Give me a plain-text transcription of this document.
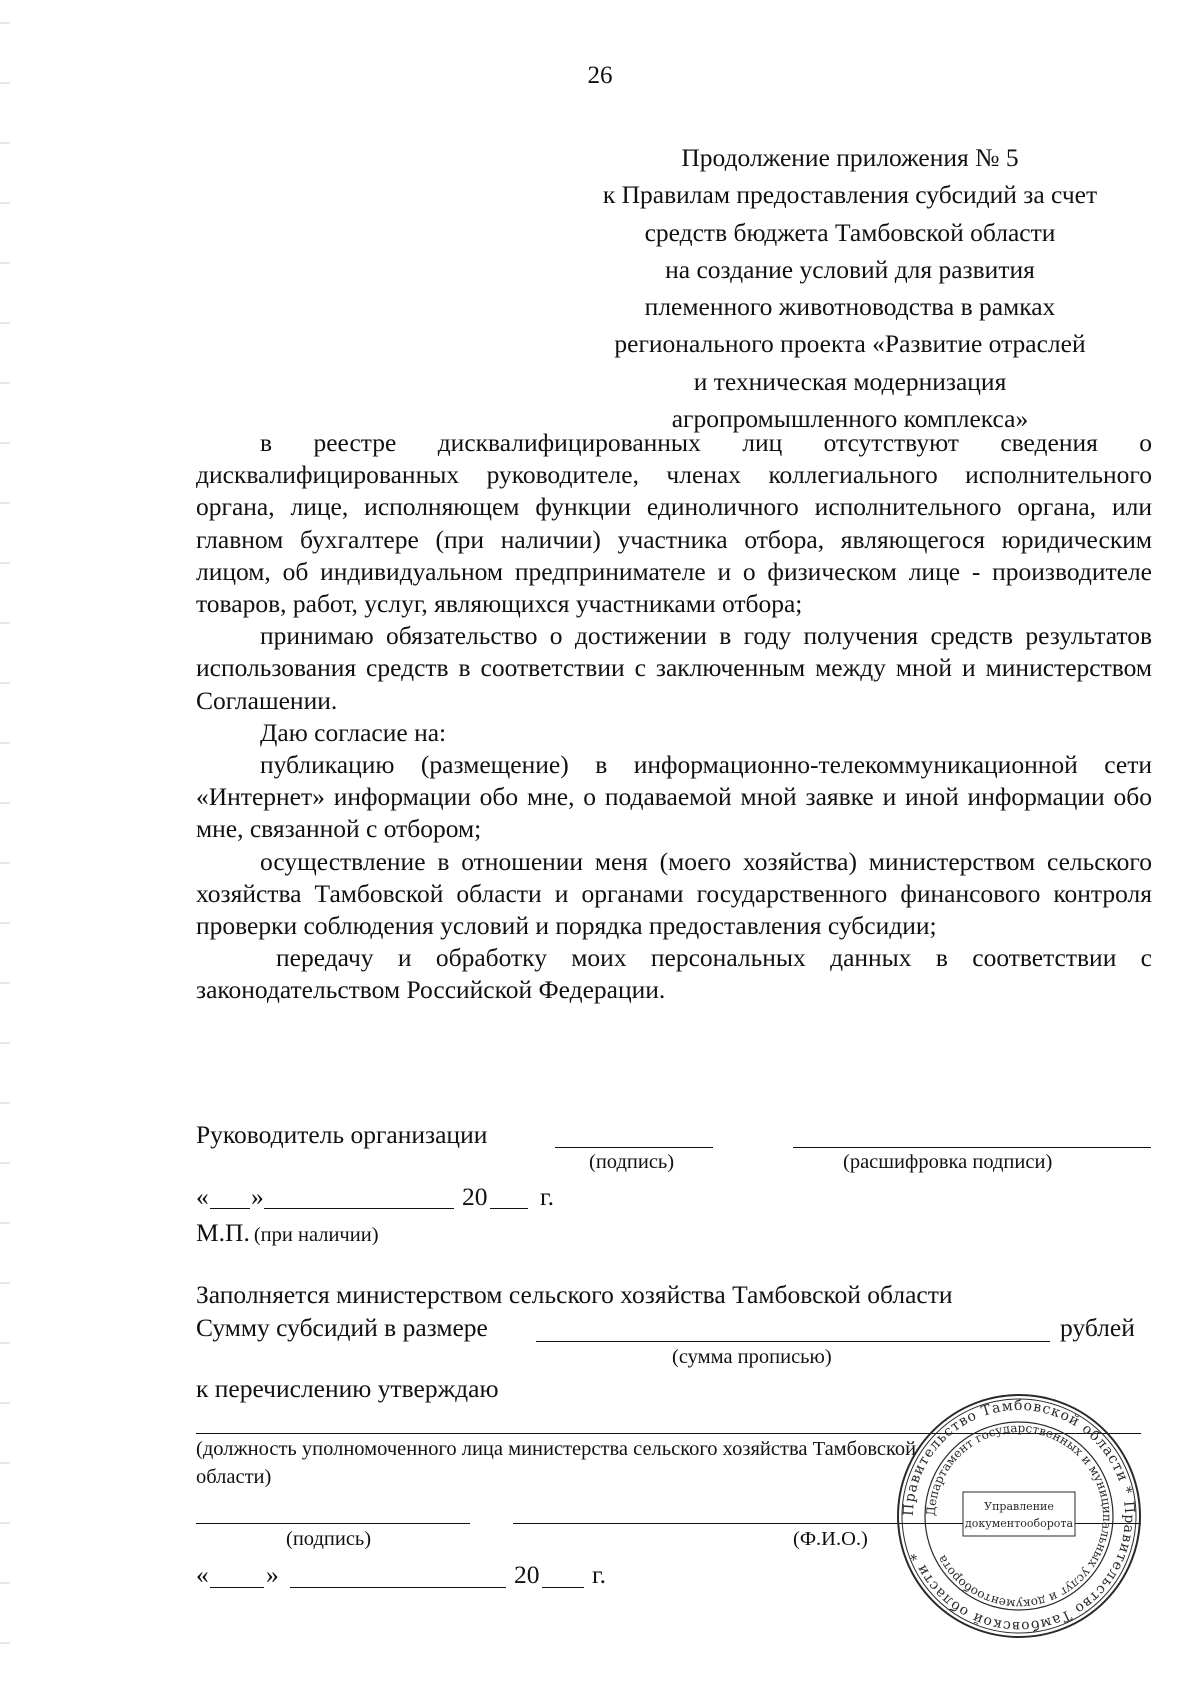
26
Продолжение приложения № 5
к Правилам предоставления субсидий за счет
средств бюджета Тамбовской области
на создание условий для развития
племенного животноводства в рамках
регионального проекта «Развитие отраслей
и техническая модернизация
агропромышленного комплекса»

в реестре дисквалифицированных лиц отсутствуют сведения о дисквалифицированных руководителе, членах коллегиального исполнительного органа, лице, исполняющем функции единоличного исполнительного органа, или главном бухгалтере (при наличии) участника отбора, являющегося юридическим лицом, об индивидуальном предпринимателе и о физическом лице - производителе товаров, работ, услуг, являющихся участниками отбора;

принимаю обязательство о достижении в году получения средств результатов использования средств в соответствии с заключенным между мной и министерством Соглашении.

Даю согласие на:

публикацию (размещение) в информационно-телекоммуникационной сети «Интернет» информации обо мне, о подаваемой мной заявке и иной информации обо мне, связанной с отбором;

осуществление в отношении меня (моего хозяйства) министерством сельского хозяйства Тамбовской области и органами государственного финансового контроля проверки соблюдения условий и порядка предоставления субсидии;

передачу и обработку моих персональных данных в соответствии с законодательством Российской Федерации.

Руководитель организации
(подпись)	(расшифровка подписи)
« »	20 г.
М.П. (при наличии)
Заполняется министерством сельского хозяйства Тамбовской области
Сумму субсидий в размере	рублей
(сумма прописью)
к перечислению утверждаю
(должность уполномоченного лица министерства сельского хозяйства Тамбовской
области)
(подпись)	(Ф.И.О.)
« »	20 г.
Правительство Тамбовской области * Правительство Тамбовской области *
Департамент государственных и муниципальных услуг и документооборота
Управление
документооборота
